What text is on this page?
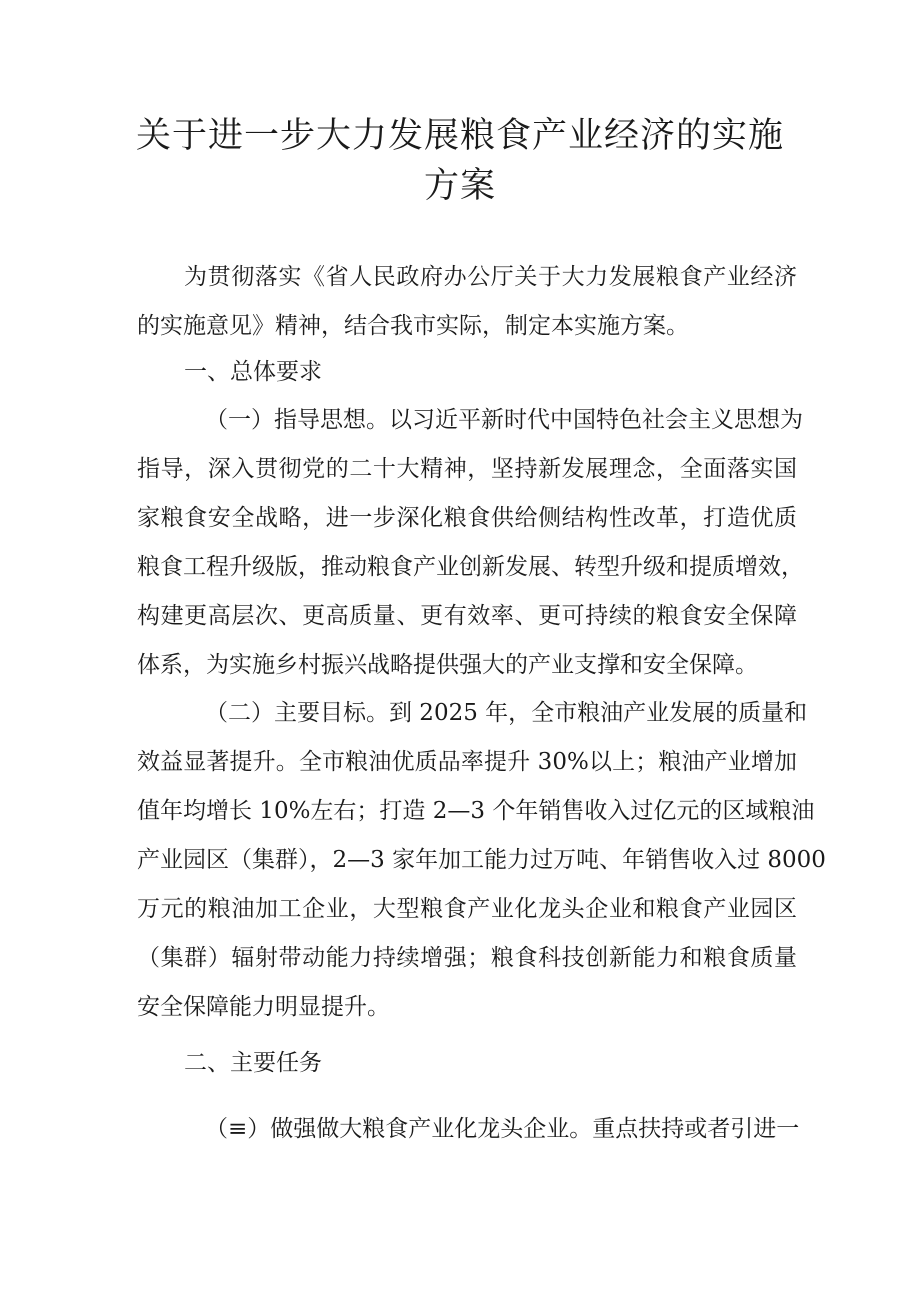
关于进一步大力发展粮食产业经济的实施
方案

为贯彻落实《省人民政府办公厅关于大力发展粮食产业经济

的实施意见》精神，结合我市实际，制定本实施方案。

一、总体要求

（一）指导思想。以习近平新时代中国特色社会主义思想为

指导，深入贯彻党的二十大精神，坚持新发展理念，全面落实国

家粮食安全战略，进一步深化粮食供给侧结构性改革，打造优质

粮食工程升级版，推动粮食产业创新发展、转型升级和提质增效，

构建更高层次、更高质量、更有效率、更可持续的粮食安全保障

体系，为实施乡村振兴战略提供强大的产业支撑和安全保障。

（二）主要目标。到 2025 年，全市粮油产业发展的质量和

效益显著提升。全市粮油优质品率提升 30%以上；粮油产业增加

值年均增长 10%左右；打造 2—3 个年销售收入过亿元的区域粮油

产业园区（集群），2—3 家年加工能力过万吨、年销售收入过 8000

万元的粮油加工企业，大型粮食产业化龙头企业和粮食产业园区

（集群）辐射带动能力持续增强；粮食科技创新能力和粮食质量

安全保障能力明显提升。

二、主要任务

（≡）做强做大粮食产业化龙头企业。重点扶持或者引进一
